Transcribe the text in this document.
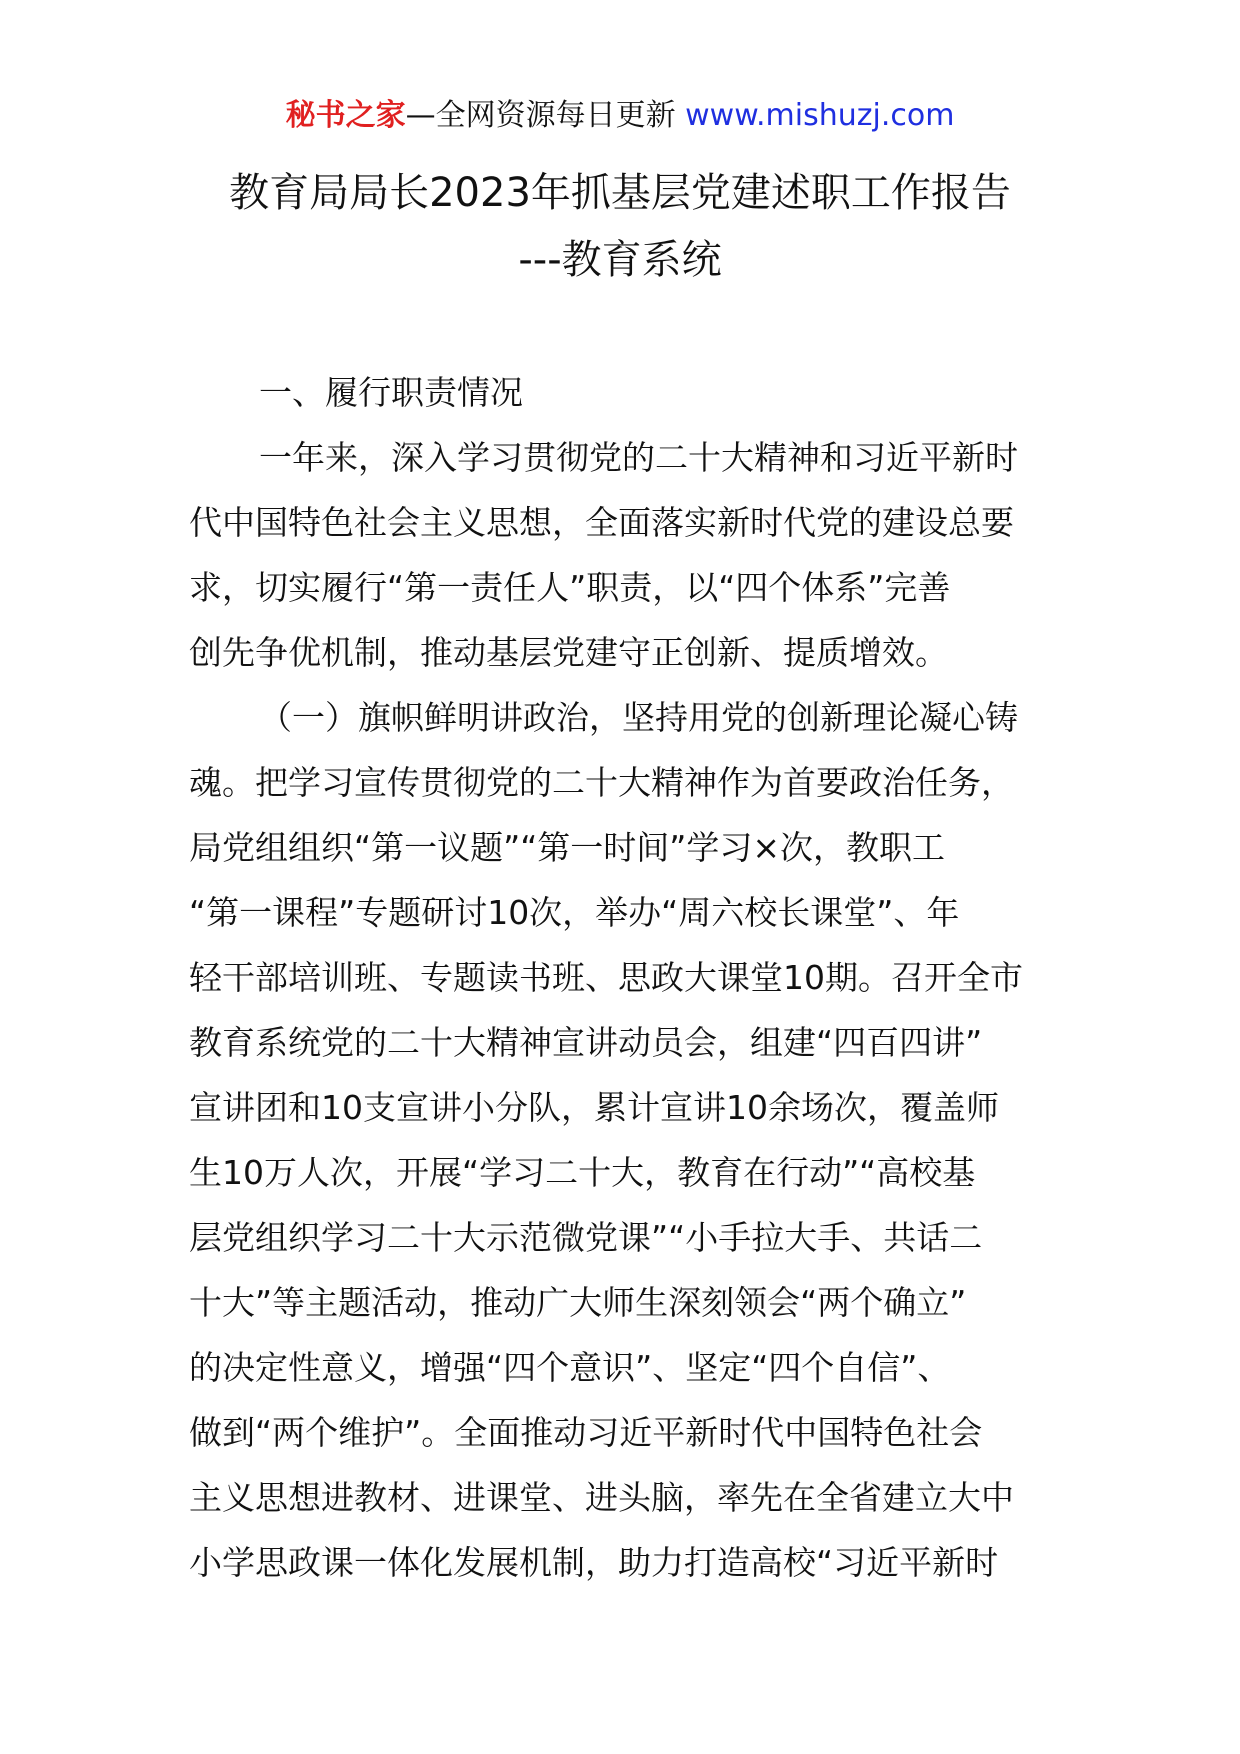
秘书之家—全网资源每日更新 www.mishuzj.com
教育局局长2023年抓基层党建述职工作报告
---教育系统
一、履行职责情况
一年来，深入学习贯彻党的二十大精神和习近平新时
代中国特色社会主义思想，全面落实新时代党的建设总要
求，切实履行“第一责任人”职责，以“四个体系”完善
创先争优机制，推动基层党建守正创新、提质增效。
（一）旗帜鲜明讲政治，坚持用党的创新理论凝心铸
魂。把学习宣传贯彻党的二十大精神作为首要政治任务，
局党组组织“第一议题”“第一时间”学习×次，教职工
“第一课程”专题研讨10次，举办“周六校长课堂”、年
轻干部培训班、专题读书班、思政大课堂10期。召开全市
教育系统党的二十大精神宣讲动员会，组建“四百四讲”
宣讲团和10支宣讲小分队，累计宣讲10余场次，覆盖师
生10万人次，开展“学习二十大，教育在行动”“高校基
层党组织学习二十大示范微党课”“小手拉大手、共话二
十大”等主题活动，推动广大师生深刻领会“两个确立”
的决定性意义，增强“四个意识”、坚定“四个自信”、
做到“两个维护”。全面推动习近平新时代中国特色社会
主义思想进教材、进课堂、进头脑，率先在全省建立大中
小学思政课一体化发展机制，助力打造高校“习近平新时
